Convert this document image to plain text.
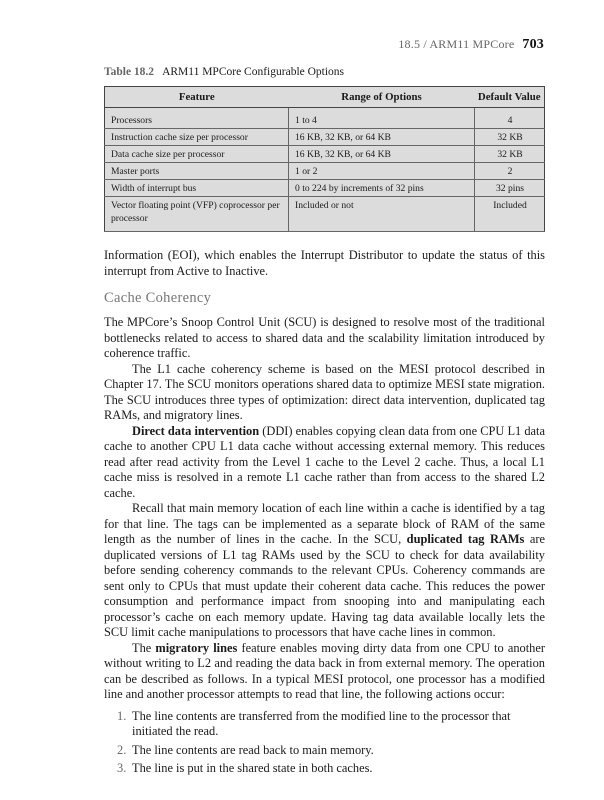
18.5 / ARM11 MPCore 703
Table 18.2 ARM11 MPCore Configurable Options
Feature	Range of Options	Default Value
Processors	1 to 4	4
Instruction cache size per processor	16 KB, 32 KB, or 64 KB	32 KB
Data cache size per processor	16 KB, 32 KB, or 64 KB	32 KB
Master ports	1 or 2	2
Width of interrupt bus	0 to 224 by increments of 32 pins	32 pins
Vector floating point (VFP) coprocessor per processor	Included or not	Included
Information (EOI), which enables the Interrupt Distributor to update the status of this interrupt from Active to Inactive.
Cache Coherency

The MPCore’s Snoop Control Unit (SCU) is designed to resolve most of the traditional bottlenecks related to access to shared data and the scalability limitation introduced by coherence traffic.

The L1 cache coherency scheme is based on the MESI protocol described in Chapter 17. The SCU monitors operations shared data to optimize MESI state migration. The SCU introduces three types of optimization: direct data intervention, duplicated tag RAMs, and migratory lines.

Direct data intervention (DDI) enables copying clean data from one CPU L1 data cache to another CPU L1 data cache without accessing external memory. This reduces read after read activity from the Level 1 cache to the Level 2 cache. Thus, a local L1 cache miss is resolved in a remote L1 cache rather than from access to the shared L2 cache.

Recall that main memory location of each line within a cache is identified by a tag for that line. The tags can be implemented as a separate block of RAM of the same length as the number of lines in the cache. In the SCU, duplicated tag RAMs are duplicated versions of L1 tag RAMs used by the SCU to check for data availability before sending coherency commands to the relevant CPUs. Coherency commands are sent only to CPUs that must update their coherent data cache. This reduces the power consumption and performance impact from snooping into and manipulating each processor’s cache on each memory update. Having tag data available locally lets the SCU limit cache manipulations to processors that have cache lines in common.

The migratory lines feature enables moving dirty data from one CPU to another without writing to L2 and reading the data back in from external memory. The operation can be described as follows. In a typical MESI protocol, one processor has a modified line and another processor attempts to read that line, the following actions occur:

1. The line contents are transferred from the modified line to the processor that initiated the read.
2. The line contents are read back to main memory.
3. The line is put in the shared state in both caches.
